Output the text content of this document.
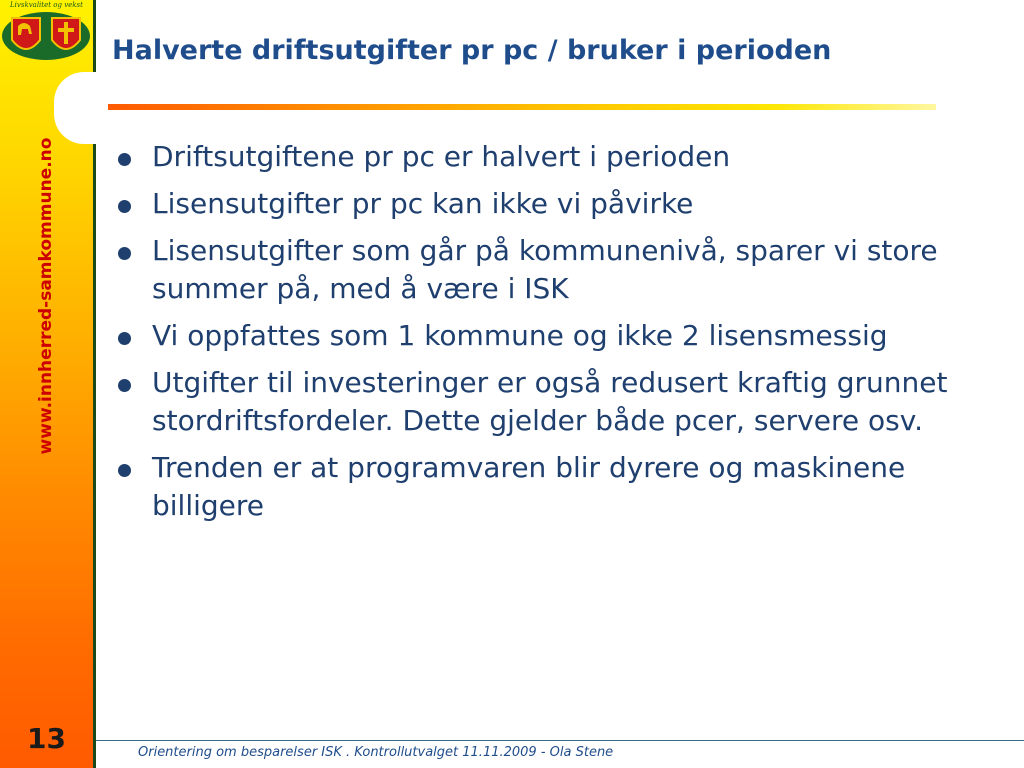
Livskvalitet og vekst
www.innherred-samkommune.no
13
Halverte driftsutgifter pr pc / bruker i perioden
Driftsutgiftene pr pc er halvert i perioden
Lisensutgifter pr pc kan ikke vi påvirke
Lisensutgifter som går på kommunenivå, sparer vi store summer på, med å være i ISK
Vi oppfattes som 1 kommune og ikke 2 lisensmessig
Utgifter til investeringer er også redusert kraftig grunnet stordriftsfordeler. Dette gjelder både pcer, servere osv.
Trenden er at programvaren blir dyrere og maskinene billigere
Orientering om besparelser ISK . Kontrollutvalget 11.11.2009 - Ola Stene
